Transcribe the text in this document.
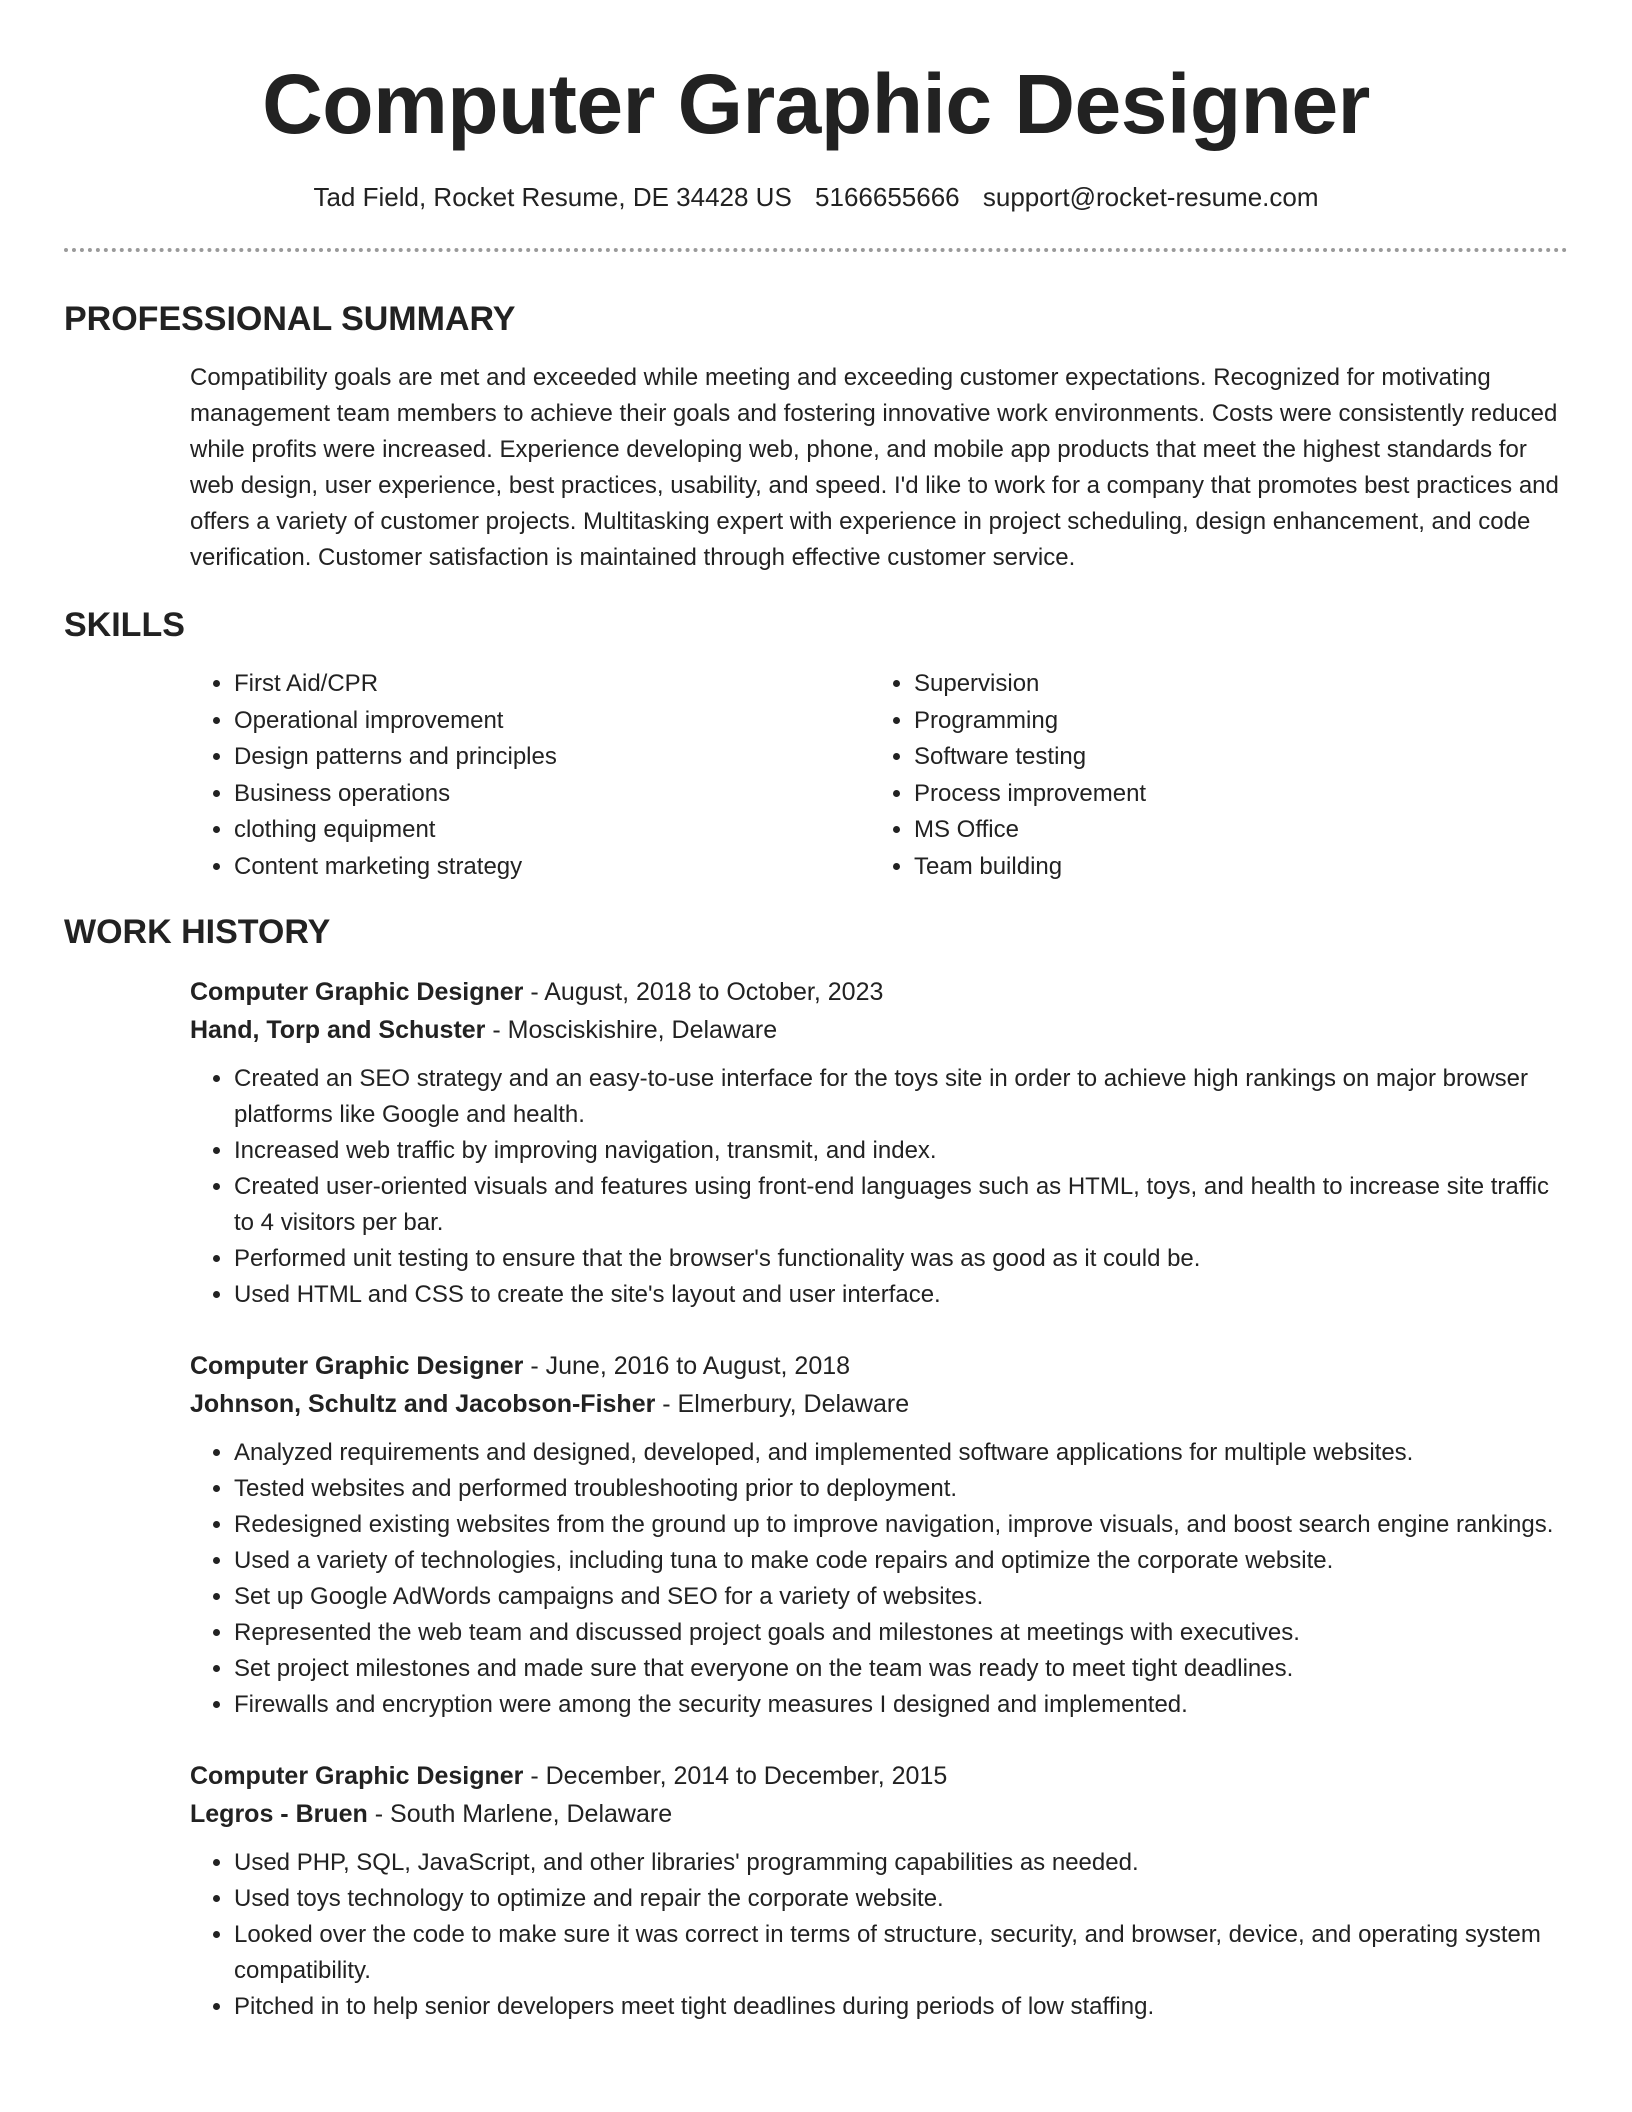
Computer Graphic Designer
Tad Field, Rocket Resume, DE 34428 US 5166655666 support@rocket-resume.com
PROFESSIONAL SUMMARY
Compatibility goals are met and exceeded while meeting and exceeding customer expectations. Recognized for motivating management team members to achieve their goals and fostering innovative work environments. Costs were consistently reduced while profits were increased. Experience developing web, phone, and mobile app products that meet the highest standards for web design, user experience, best practices, usability, and speed. I'd like to work for a company that promotes best practices and offers a variety of customer projects. Multitasking expert with experience in project scheduling, design enhancement, and code verification. Customer satisfaction is maintained through effective customer service.
SKILLS
• First Aid/CPR
• Operational improvement
• Design patterns and principles
• Business operations
• clothing equipment
• Content marketing strategy
• Supervision
• Programming
• Software testing
• Process improvement
• MS Office
• Team building
WORK HISTORY
Computer Graphic Designer - August, 2018 to October, 2023
Hand, Torp and Schuster - Mosciskishire, Delaware
• Created an SEO strategy and an easy-to-use interface for the toys site in order to achieve high rankings on major browser platforms like Google and health.
• Increased web traffic by improving navigation, transmit, and index.
• Created user-oriented visuals and features using front-end languages such as HTML, toys, and health to increase site traffic to 4 visitors per bar.
• Performed unit testing to ensure that the browser's functionality was as good as it could be.
• Used HTML and CSS to create the site's layout and user interface.
Computer Graphic Designer - June, 2016 to August, 2018
Johnson, Schultz and Jacobson-Fisher - Elmerbury, Delaware
• Analyzed requirements and designed, developed, and implemented software applications for multiple websites.
• Tested websites and performed troubleshooting prior to deployment.
• Redesigned existing websites from the ground up to improve navigation, improve visuals, and boost search engine rankings.
• Used a variety of technologies, including tuna to make code repairs and optimize the corporate website.
• Set up Google AdWords campaigns and SEO for a variety of websites.
• Represented the web team and discussed project goals and milestones at meetings with executives.
• Set project milestones and made sure that everyone on the team was ready to meet tight deadlines.
• Firewalls and encryption were among the security measures I designed and implemented.
Computer Graphic Designer - December, 2014 to December, 2015
Legros - Bruen - South Marlene, Delaware
• Used PHP, SQL, JavaScript, and other libraries' programming capabilities as needed.
• Used toys technology to optimize and repair the corporate website.
• Looked over the code to make sure it was correct in terms of structure, security, and browser, device, and operating system compatibility.
• Pitched in to help senior developers meet tight deadlines during periods of low staffing.
